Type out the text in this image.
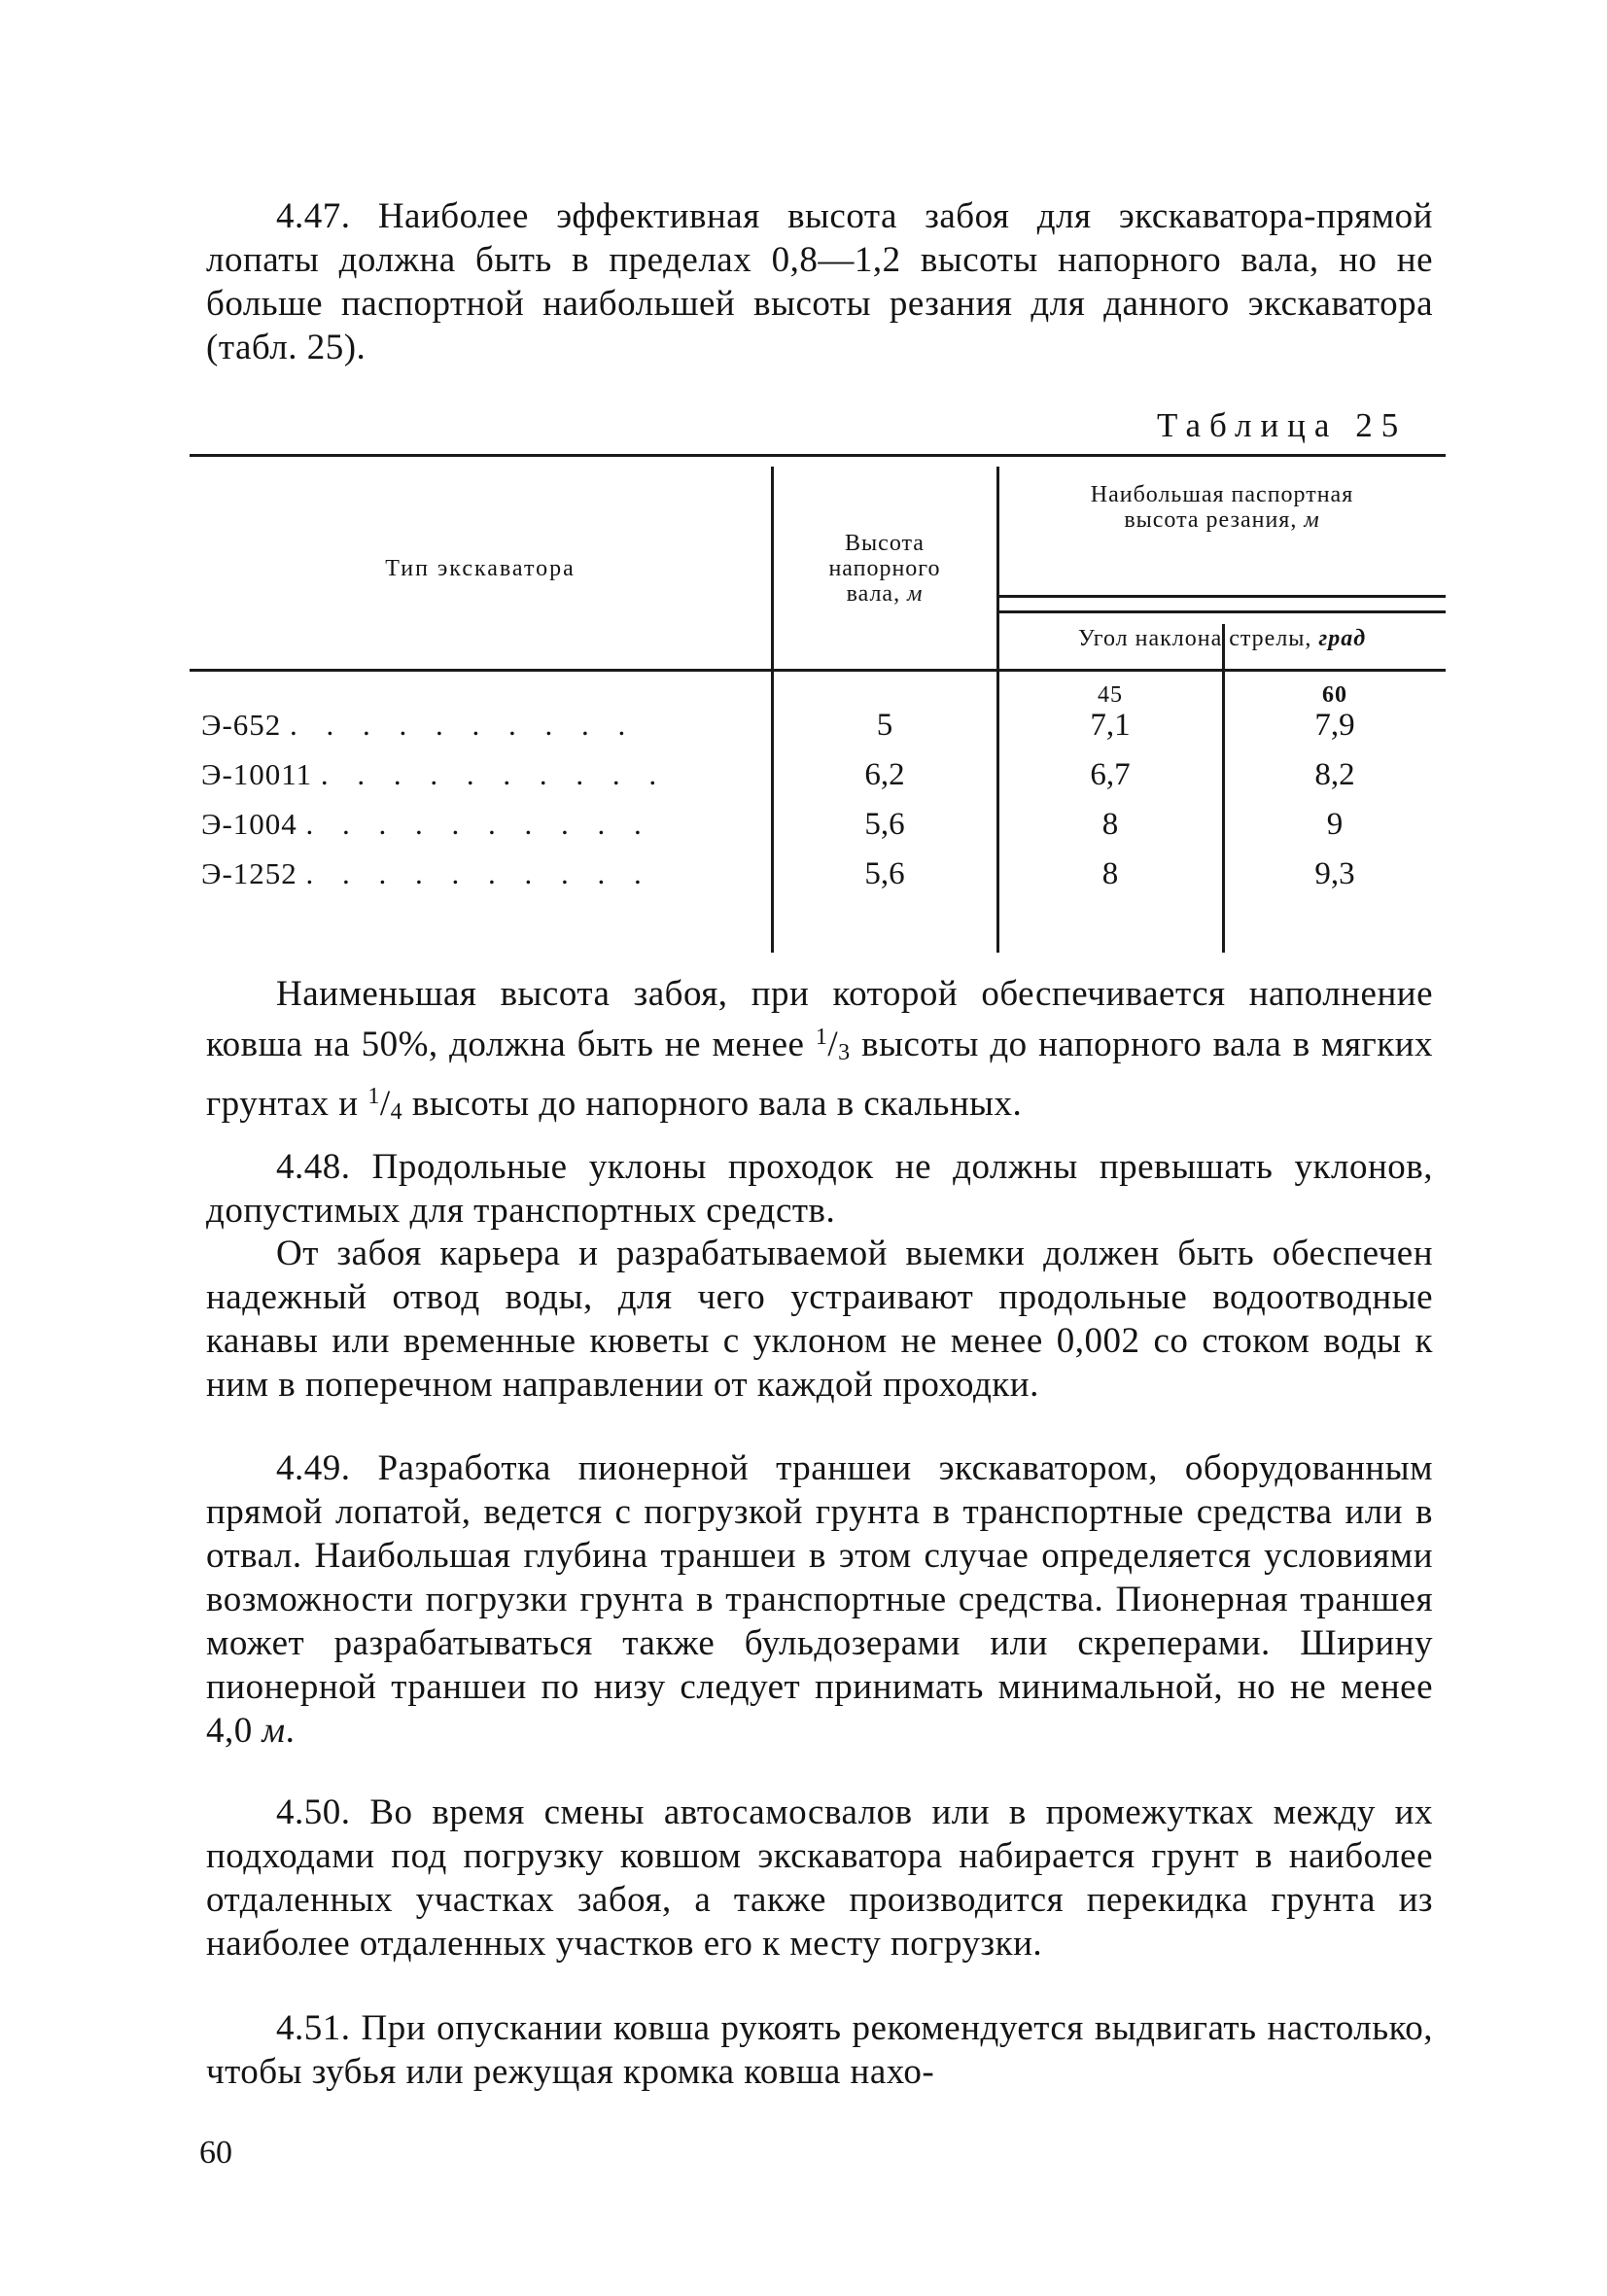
4.47. Наиболее эффективная высота забоя для экскаватора-прямой лопаты должна быть в пределах 0,8—1,2 высоты напорного вала, но не больше паспортной наибольшей высоты резания для данного экскаватора (табл. 25).

Таблица 25
Тип экскаватора
Высота
напорного
вала, м
Наибольшая паспортная
высота резания, м
Угол наклона стрелы, град
45	60
Э-652 . . . . . . . . . .	5	7,1	7,9
Э-10011 . . . . . . . . . .	6,2	6,7	8,2
Э-1004 . . . . . . . . . .	5,6	8	9
Э-1252 . . . . . . . . . .	5,6	8	9,3

Наименьшая высота забоя, при которой обеспечивается наполнение ковша на 50%, должна быть не менее $^1/_3$ высоты до напорного вала в мягких грунтах и $^1/_4$ высоты до напорного вала в скальных.

4.48. Продольные уклоны проходок не должны превышать уклонов, допустимых для транспортных средств.

От забоя карьера и разрабатываемой выемки должен быть обеспечен надежный отвод воды, для чего устраивают продольные водоотводные канавы или временные кюветы с уклоном не менее 0,002 со стоком воды к ним в поперечном направлении от каждой проходки.

4.49. Разработка пионерной траншеи экскаватором, оборудованным прямой лопатой, ведется с погрузкой грунта в транспортные средства или в отвал. Наибольшая глубина траншеи в этом случае определяется условиями возможности погрузки грунта в транспортные средства. Пионерная траншея может разрабатываться также бульдозерами или скреперами. Ширину пионерной траншеи по низу следует принимать минимальной, но не менее 4,0 м.

4.50. Во время смены автосамосвалов или в промежутках между их подходами под погрузку ковшом экскаватора набирается грунт в наиболее отдаленных участках забоя, а также производится перекидка грунта из наиболее отдаленных участков его к месту погрузки.

4.51. При опускании ковша рукоять рекомендуется выдвигать настолько, чтобы зубья или режущая кромка ковша нахо-

60
